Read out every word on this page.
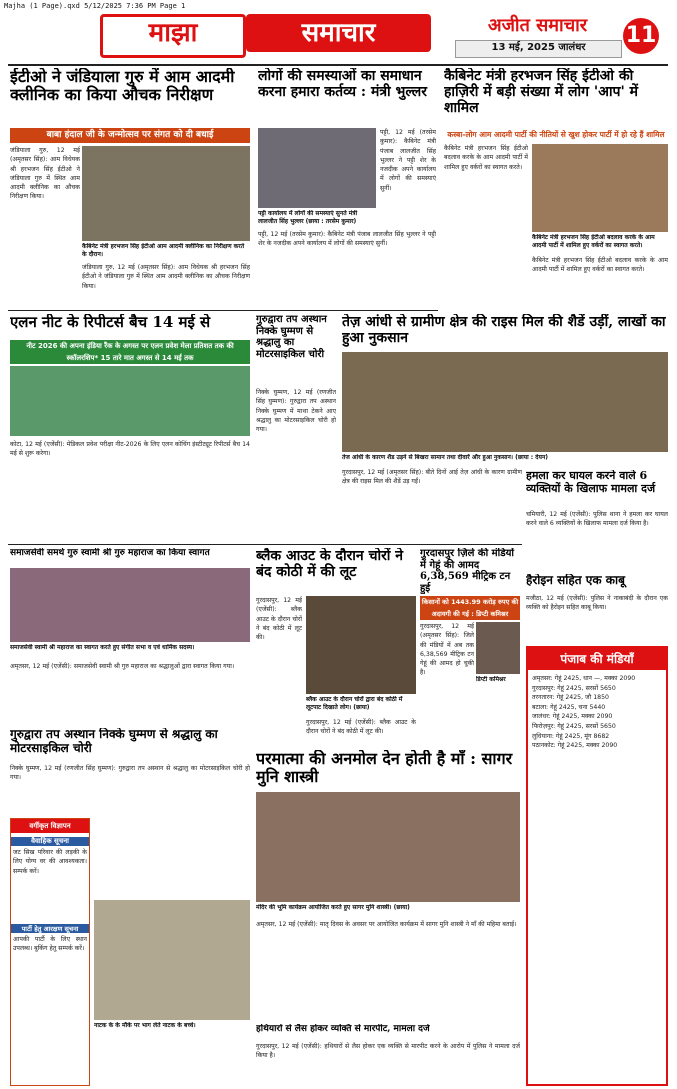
Majha (1 Page).qxd 5/12/2025 7:36 PM Page 1
माझा	समाचार	अजीत समाचार
13 मई, 2025 जालंधर	11
ईटीओ ने जंडियाला गुरु में आम आदमी क्लीनिक का किया औचक निरीक्षण
बाबा हंदाल जी के जन्मोत्सव पर संगत को दी बधाई
जंडियाला गुरु, 12 मई (अमृतसर सिंह): आम विधेयक श्री हरभजन सिंह ईटीओ ने जंडियाला गुरु में स्थित आम आदमी क्लीनिक का औचक निरीक्षण किया।
कैबिनेट मंत्री हरभजन सिंह ईटीओ आम आदमी क्लीनिक का निरीक्षण करते के दौरान।
जंडियाला गुरु, 12 मई (अमृतसर सिंह): आम विधेयक श्री हरभजन सिंह ईटीओ ने जंडियाला गुरु में स्थित आम आदमी क्लीनिक का औचक निरीक्षण किया।
लोगों की समस्याओं का समाधान करना हमारा कर्तव्य : मंत्री भुल्लर
पट्टी, 12 मई (तरसेम कुमार): कैबिनेट मंत्री पंजाब लालजीत सिंह भुल्लर ने पट्टी शेर के नजदीक अपने कार्यालय में लोगों की समस्याएं सुनीं।
पट्टी कार्यालय में लोगों की समस्याएं सुनते मंत्री लालजीत सिंह भुल्लर (छाया : तरसेम कुमार)
पट्टी, 12 मई (तरसेम कुमार): कैबिनेट मंत्री पंजाब लालजीत सिंह भुल्लर ने पट्टी शेर के नजदीक अपने कार्यालय में लोगों की समस्याएं सुनीं।
कैबिनेट मंत्री हरभजन सिंह ईटीओ की हाज़िरी में बड़ी संख्या में लोग 'आप' में शामिल
कस्बा-लोग आम आदमी पार्टी की नीतियों से खुश होकर पार्टी में हो रहे हैं शामिल
कैबिनेट मंत्री हरभजन सिंह ईटीओ बदलाव करके के आम आदमी पार्टी में शामिल हुए वर्करों का स्वागत करते।
कैबिनेट मंत्री हरभजन सिंह ईटीओ बदलाव करके के आम आदमी पार्टी में शामिल हुए वर्करों का स्वागत करते।
कैबिनेट मंत्री हरभजन सिंह ईटीओ बदलाव करके के आम आदमी पार्टी में शामिल हुए वर्करों का स्वागत करते।
एलन नीट के रिपीटर्स बैच 14 मई से
नीट 2026 की अपना इंडिया रैंक के अगस्त पर एलन प्रवेश मेला प्रतिशत तक की स्कॉलरशिप* 15 तारे मात अगस्त से 14 मई तक
कोटा, 12 मई (एजेंसी): मेडिकल प्रवेश परीक्षा नीट-2026 के लिए एलन कोचिंग इंस्टीट्यूट रिपीटर्स बैच 14 मई से शुरू करेगा।
गुरुद्वारा तप अस्थान निक्के घुम्मण से श्रद्धालु का मोटरसाइकिल चोरी
निक्के घुम्मण, 12 मई (रणजीत सिंह घुम्मण): गुरुद्वारा तप अस्थान निक्के घुम्मण में माथा टेकने आए श्रद्धालु का मोटरसाइकिल चोरी हो गया।
तेज़ आंधी से ग्रामीण क्षेत्र की राइस मिल की शैडें उड़ीं, लाखों का हुआ नुकसान
तेज आंधी के कारण शैड उड़ने से बिखरा सामान तथा दीवारें और हुआ नुकसान। (छाया : देयन)
गुरदासपुर, 12 मई (अमृतसर सिंह): बीते दिनों आई तेज़ आंधी के कारण ग्रामीण क्षेत्र की राइस मिल की शैडें उड़ गईं।	हमला कर घायल करने वाले 6 व्यक्तियों के खिलाफ मामला दर्ज
चमियारी, 12 मई (एजेंसी): पुलिस थाना ने हमला कर घायल करने वाले 6 व्यक्तियों के खिलाफ मामला दर्ज किया है।
हैरोइन सहित एक काबू
मजीठा, 12 मई (एजेंसी): पुलिस ने नाकाबंदी के दौरान एक व्यक्ति को हैरोइन सहित काबू किया।
समाजसेवी समर्थ गुरु स्वामी श्री गुरु महाराज का किया स्वागत
समाजसेवी स्वामी श्री महाराज का स्वागत करते हुए संगीत सभा व एवं धार्मिक सदस्य।
अमृतसर, 12 मई (एजेंसी): समाजसेवी स्वामी श्री गुरु महाराज का श्रद्धालुओं द्वारा स्वागत किया गया।
ब्लैक आउट के दौरान चोरों ने बंद कोठी में की लूट
गुरदासपुर, 12 मई (एजेंसी): ब्लैक आउट के दौरान चोरों ने बंद कोठी में लूट की।
ब्लैक आउट के दौरान चोरों द्वारा बंद कोठी में लूटपाट दिखाते लोग। (छाया)
गुरदासपुर, 12 मई (एजेंसी): ब्लैक आउट के दौरान चोरों ने बंद कोठी में लूट की।
गुरदासपुर ज़िले की मंडियों में गेहूं की आमद 6,38,569 मीट्रिक टन हुई
किसानों को 1443.99 करोड़ रुपए की अदायगी की गई : डिप्टी कमिश्नर
गुरदासपुर, 12 मई (अमृतसर सिंह): जिले की मंडियों में अब तक 6,38,569 मीट्रिक टन गेहूं की आमद हो चुकी है।
डिप्टी कमिश्नर
पंजाब की मंडियाँ
अमृतसर: गेहूं 2425, धान —, मक्का 2090
गुरदासपुर: गेहूं 2425, सरसों 5650
तरनतारन: गेहूं 2425, जौ 1850
बटाला: गेहूं 2425, चना 5440
जालंधर: गेहूं 2425, मक्का 2090
फिरोज़पुर: गेहूं 2425, सरसों 5650
लुधियाना: गेहूं 2425, मूंग 8682
पठानकोट: गेहूं 2425, मक्का 2090
गुरुद्वारा तप अस्थान निक्के घुम्मण से श्रद्धालु का मोटरसाइकिल चोरी
निक्के घुम्मण, 12 मई (रणजीत सिंह घुम्मण): गुरुद्वारा तप अस्थान से श्रद्धालु का मोटरसाइकिल चोरी हो गया।
वर्गीकृत विज्ञापन
वैवाहिक सूचना
जट सिख परिवार की लड़की के लिए योग्य वर की आवश्यकता। सम्पर्क करें।
पार्टी हेतु आरक्षण सूचना
आपकी पार्टी के लिए स्थान उपलब्ध। बुकिंग हेतु सम्पर्क करें।
नाटक के के मौके पर भाग लेते नाटक के बच्चे।
परमात्मा की अनमोल देन होती है माँ : सागर मुनि शास्त्री
मंदिर की भूमि कार्यक्रम आयोजित करते हुए सागर मुनि शास्त्री। (छाया)
अमृतसर, 12 मई (एजेंसी): मातृ दिवस के अवसर पर आयोजित कार्यक्रम में सागर मुनि शास्त्री ने माँ की महिमा बताई।
हथियारों से लैस होकर व्यक्ति से मारपीट, मामला दर्ज
गुरदासपुर, 12 मई (एजेंसी): हथियारों से लैस होकर एक व्यक्ति से मारपीट करने के आरोप में पुलिस ने मामला दर्ज किया है।
